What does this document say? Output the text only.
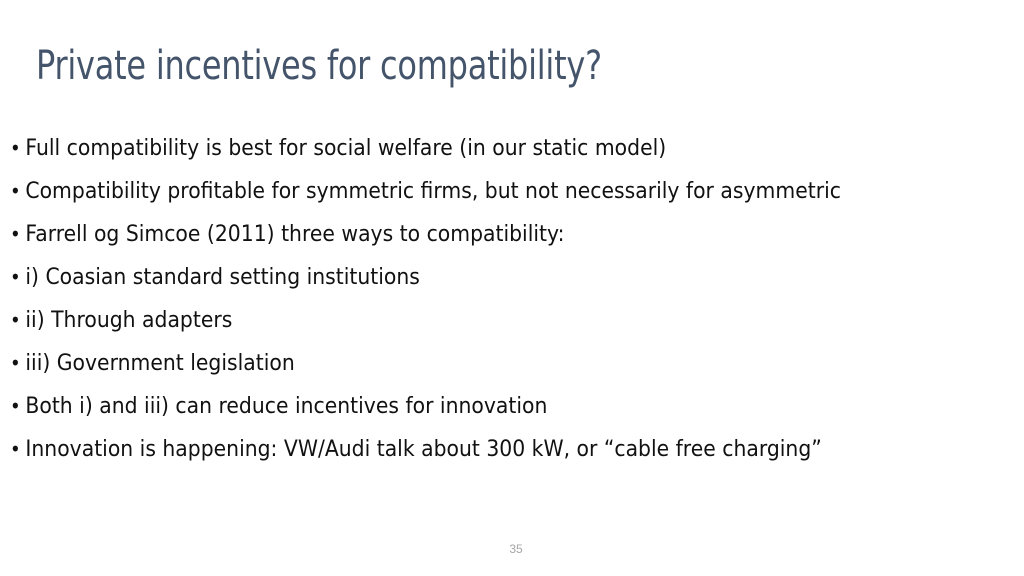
Private incentives for compatibility?
• Full compatibility is best for social welfare (in our static model)
• Compatibility profitable for symmetric firms, but not necessarily for asymmetric
• Farrell og Simcoe (2011) three ways to compatibility:
• i) Coasian standard setting institutions
• ii) Through adapters
• iii) Government legislation
• Both i) and iii) can reduce incentives for innovation
• Innovation is happening: VW/Audi talk about 300 kW, or “cable free charging”
35
